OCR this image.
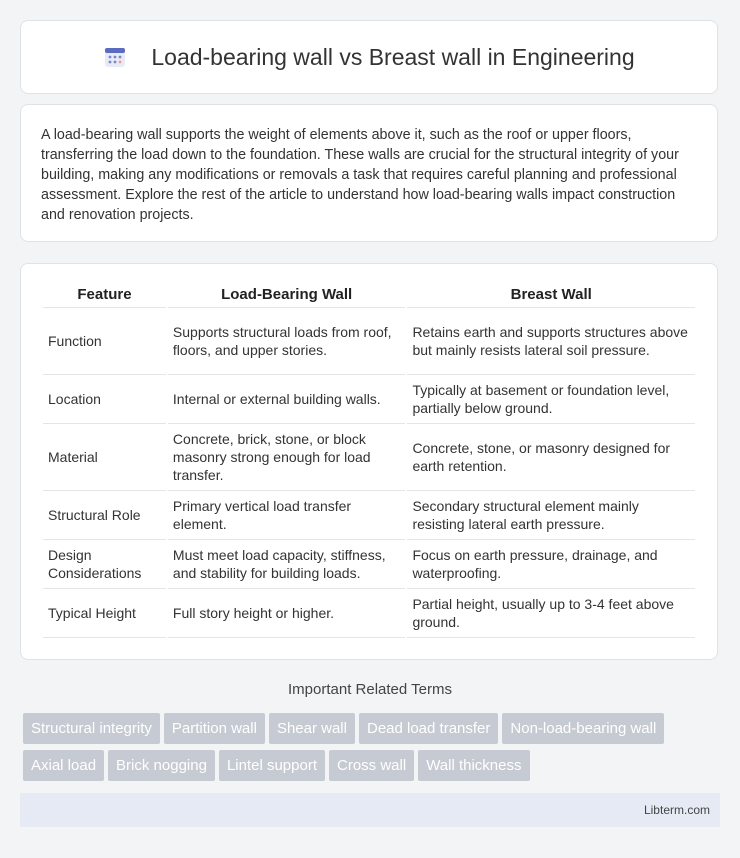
Load-bearing wall vs Breast wall in Engineering

A load-bearing wall supports the weight of elements above it, such as the roof or upper floors, transferring the load down to the foundation. These walls are crucial for the structural integrity of your building, making any modifications or removals a task that requires careful planning and professional assessment. Explore the rest of the article to understand how load-bearing walls impact construction and renovation projects.

Feature	Load-Bearing Wall	Breast Wall
Function	Supports structural loads from roof, floors, and upper stories.	Retains earth and supports structures above but mainly resists lateral soil pressure.
Location	Internal or external building walls.	Typically at basement or foundation level, partially below ground.
Material	Concrete, brick, stone, or block masonry strong enough for load transfer.	Concrete, stone, or masonry designed for earth retention.
Structural Role	Primary vertical load transfer element.	Secondary structural element mainly resisting lateral earth pressure.
Design Considerations	Must meet load capacity, stiffness, and stability for building loads.	Focus on earth pressure, drainage, and waterproofing.
Typical Height	Full story height or higher.	Partial height, usually up to 3-4 feet above ground.
Important Related Terms
Structural integrity Partition wall Shear wall Dead load transfer Non-load-bearing wallAxial load Brick nogging Lintel support Cross wall Wall thickness
Libterm.com
